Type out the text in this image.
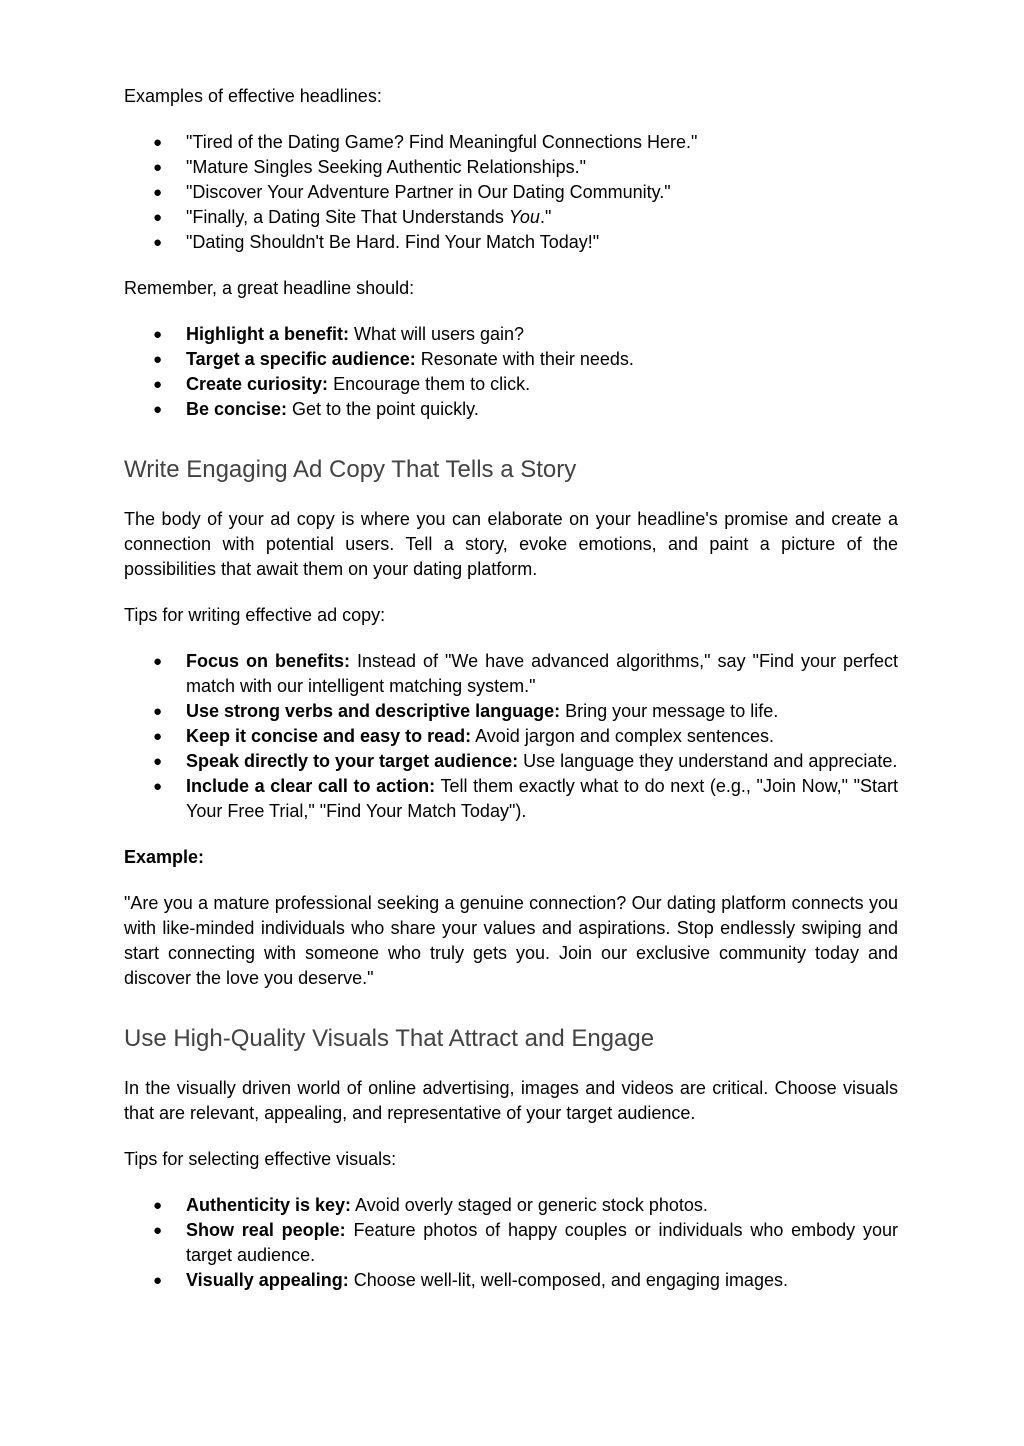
Examples of effective headlines:

● "Tired of the Dating Game? Find Meaningful Connections Here."
● "Mature Singles Seeking Authentic Relationships."
● "Discover Your Adventure Partner in Our Dating Community."
● "Finally, a Dating Site That Understands You."
● "Dating Shouldn't Be Hard. Find Your Match Today!"

Remember, a great headline should:

● Highlight a benefit: What will users gain?
● Target a specific audience: Resonate with their needs.
● Create curiosity: Encourage them to click.
● Be concise: Get to the point quickly.
Write Engaging Ad Copy That Tells a Story

The body of your ad copy is where you can elaborate on your headline's promise and create a connection with potential users. Tell a story, evoke emotions, and paint a picture of the possibilities that await them on your dating platform.

Tips for writing effective ad copy:

● Focus on benefits: Instead of "We have advanced algorithms," say "Find your perfect match with our intelligent matching system."
● Use strong verbs and descriptive language: Bring your message to life.
● Keep it concise and easy to read: Avoid jargon and complex sentences.
● Speak directly to your target audience: Use language they understand and appreciate.
● Include a clear call to action: Tell them exactly what to do next (e.g., "Join Now," "Start Your Free Trial," "Find Your Match Today").

Example:

"Are you a mature professional seeking a genuine connection? Our dating platform connects you with like-minded individuals who share your values and aspirations. Stop endlessly swiping and start connecting with someone who truly gets you. Join our exclusive community today and discover the love you deserve."

Use High-Quality Visuals That Attract and Engage

In the visually driven world of online advertising, images and videos are critical. Choose visuals that are relevant, appealing, and representative of your target audience.

Tips for selecting effective visuals:

● Authenticity is key: Avoid overly staged or generic stock photos.
● Show real people: Feature photos of happy couples or individuals who embody your target audience.
● Visually appealing: Choose well-lit, well-composed, and engaging images.
